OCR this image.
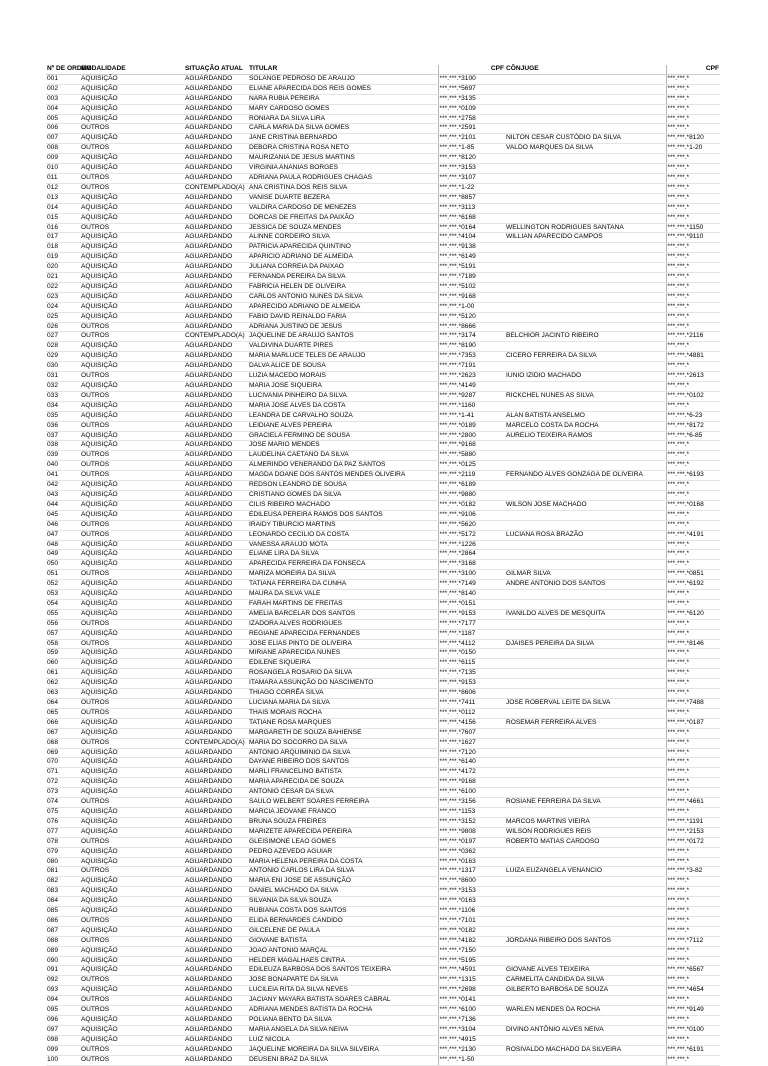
Nº DE ORDEM	MODALIDADE	SITUAÇÃO ATUAL	TITULAR	CPF	CÔNJUGE	CPF
001	AQUISIÇÃO	AGUARDANDO	SOLANGE PEDROSO DE ARAUJO	***.***.*3100		***.***.*
002	AQUISIÇÃO	AGUARDANDO	ELIANE APARECIDA DOS REIS GOMES	***.***.*5697		***.***.*
003	AQUISIÇÃO	AGUARDANDO	NARA RUBIA PEREIRA	***.***.*3135		***.***.*
004	AQUISIÇÃO	AGUARDANDO	MARY CARDOSO GOMES	***.***.*0109		***.***.*
005	AQUISIÇÃO	AGUARDANDO	RONIARA DA SILVA LIRA	***.***.*2758		***.***.*
006	OUTROS	AGUARDANDO	CARLA MARIA DA SILVA GOMES	***.***.*2591		***.***.*
007	AQUISIÇÃO	AGUARDANDO	JANE CRISTINA BERNARDO	***.***.*2101	NILTON CESAR CUSTÓDIO DA SILVA	***.***.*8120
008	OUTROS	AGUARDANDO	DEBORA CRISTINA ROSA NETO	***.***.*1-85	VALDO MARQUES DA SILVA	***.***.*1-20
009	AQUISIÇÃO	AGUARDANDO	MAURIZANIA DE JESUS MARTINS	***.***.*8120		***.***.*
010	AQUISIÇÃO	AGUARDANDO	VIRGINIA ANANIAS BORGES	***.***.*3153		***.***.*
011	OUTROS	AGUARDANDO	ADRIANA PAULA RODRIGUES CHAGAS	***.***.*3107		***.***.*
012	OUTROS	CONTEMPLADO(A)	ANA CRISTINA DOS REIS SILVA	***.***.*1-22		***.***.*
013	AQUISIÇÃO	AGUARDANDO	VANISE DUARTE BEZERA	***.***.*8857		***.***.*
014	AQUISIÇÃO	AGUARDANDO	VALDIRA CARDOSO DE MENEZES	***.***.*3113		***.***.*
015	AQUISIÇÃO	AGUARDANDO	DORCAS DE FREITAS DA PAIXÃO	***.***.*6168		***.***.*
016	OUTROS	AGUARDANDO	JESSICA DE SOUZA MENDES	***.***.*0164	WELLINGTON RODRIGUES SANTANA	***.***.*1150
017	AQUISIÇÃO	AGUARDANDO	ALINNE CORDEIRO SILVA	***.***.*4104	WILLIAN APARECIDO CAMPOS	***.***.*9110
018	AQUISIÇÃO	AGUARDANDO	PATRICIA APARECIDA QUINTINO	***.***.*9138		***.***.*
019	AQUISIÇÃO	AGUARDANDO	APARICIO ADRIANO DE ALMEIDA	***.***.*6149		***.***.*
020	AQUISIÇÃO	AGUARDANDO	JULIANA CORREIA DA PAIXAO	***.***.*5191		***.***.*
021	AQUISIÇÃO	AGUARDANDO	FERNANDA PEREIRA DA SILVA	***.***.*7189		***.***.*
022	AQUISIÇÃO	AGUARDANDO	FABRICIA HELEN DE OLIVEIRA	***.***.*5102		***.***.*
023	AQUISIÇÃO	AGUARDANDO	CARLOS ANTONIO NUNES DA SILVA	***.***.*9168		***.***.*
024	AQUISIÇÃO	AGUARDANDO	APARECIDO ADRIANO DE ALMEIDA	***.***.*1-00		***.***.*
025	AQUISIÇÃO	AGUARDANDO	FABIO DAVID REINALDO FARIA	***.***.*5120		***.***.*
026	OUTROS	AGUARDANDO	ADRIANA JUSTINO DE JESUS	***.***.*8666		***.***.*
027	OUTROS	CONTEMPLADO(A)	JAQUELINE DE ARAUJO SANTOS	***.***.*3174	BELCHIOR JACINTO RIBEIRO	***.***.*2116
028	AQUISIÇÃO	AGUARDANDO	VALDIVINA DUARTE PIRES	***.***.*8190		***.***.*
029	AQUISIÇÃO	AGUARDANDO	MARIA MARLUCE TELES DE ARAUJO	***.***.*7353	CICERO FERREIRA DA SILVA	***.***.*4881
030	AQUISIÇÃO	AGUARDANDO	DALVA ALICE DE SOUSA	***.***.*7191		***.***.*
031	OUTROS	AGUARDANDO	LUZIA MACEDO MORAIS	***.***.*2623	IUNIO IZIDIO MACHADO	***.***.*2613
032	AQUISIÇÃO	AGUARDANDO	MARIA JOSE SIQUEIRA	***.***.*4149		***.***.*
033	OUTROS	AGUARDANDO	LUCIVANIA PINHEIRO DA SILVA	***.***.*9287	RICKCHEL NUNES AS SILVA	***.***.*0102
034	AQUISIÇÃO	AGUARDANDO	MARIA JOSE ALVES DA COSTA	***.***.*1160		***.***.*
035	AQUISIÇÃO	AGUARDANDO	LEANDRA DE CARVALHO SOUZA	***.***.*1-41	ALAN BATISTA ANSELMO	***.***.*6-23
036	OUTROS	AGUARDANDO	LEIDIANE ALVES PEREIRA	***.***.*0189	MARCELO COSTA DA ROCHA	***.***.*8172
037	AQUISIÇÃO	AGUARDANDO	GRACIELA FERMINO DE SOUSA	***.***.*2800	AURELIO TEIXEIRA RAMOS	***.***.*6-85
038	AQUISIÇÃO	AGUARDANDO	JOSE MARIO MENDES	***.***.*9168		***.***.*
039	OUTROS	AGUARDANDO	LAUDELINA CAETANO DA SILVA	***.***.*5880		***.***.*
040	OUTROS	AGUARDANDO	ALMERINDO VENERANDO DA PAZ SANTOS	***.***.*0125		***.***.*
041	OUTROS	AGUARDANDO	MAGDA DOANE DOS SANTOS MENDES OLIVEIRA	***.***.*2119	FERNANDO ALVES GONZAGA DE OLIVEIRA	***.***.*6193
042	AQUISIÇÃO	AGUARDANDO	REDSON LEANDRO DE SOUSA	***.***.*6189		***.***.*
043	AQUISIÇÃO	AGUARDANDO	CRISTIANO GOMES DA SILVA	***.***.*9880		***.***.*
044	AQUISIÇÃO	AGUARDANDO	CILIS RIBEIRO MACHADO	***.***.*0182	WILSON JOSE MACHADO	***.***.*0168
045	AQUISIÇÃO	AGUARDANDO	EDILEUSA PEREIRA RAMOS DOS SANTOS	***.***.*9106		***.***.*
046	OUTROS	AGUARDANDO	IRAIDY TIBURCIO MARTINS	***.***.*5620		***.***.*
047	OUTROS	AGUARDANDO	LEONARDO CECILIO DA COSTA	***.***.*5172	LUCIANA ROSA BRAZÃO	***.***.*4191
048	AQUISIÇÃO	AGUARDANDO	VANESSA ARAUJO MOTA	***.***.*1226		***.***.*
049	AQUISIÇÃO	AGUARDANDO	ELIANE LIRA DA SILVA	***.***.*2864		***.***.*
050	AQUISIÇÃO	AGUARDANDO	APARECIDA FERREIRA DA FONSECA	***.***.*3168		***.***.*
051	OUTROS	AGUARDANDO	MARIZA MOREIRA DA SILVA	***.***.*3100	GILMAR SILVA	***.***.*0851
052	AQUISIÇÃO	AGUARDANDO	TATIANA FERREIRA DA CUNHA	***.***.*7149	ANDRE ANTONIO DOS SANTOS	***.***.*6192
053	AQUISIÇÃO	AGUARDANDO	MAURA DA SILVA VALE	***.***.*8140		***.***.*
054	AQUISIÇÃO	AGUARDANDO	FARAH MARTINS DE FREITAS	***.***.*0151		***.***.*
055	AQUISIÇÃO	AGUARDANDO	AMELIA BARCELAR DOS SANTOS	***.***.*9153	IVANILDO ALVES DE MESQUITA	***.***.*6120
056	OUTROS	AGUARDANDO	IZADORA ALVES RODRIGUES	***.***.*7177		***.***.*
057	AQUISIÇÃO	AGUARDANDO	REGIANE APARECIDA FERNANDES	***.***.*1187		***.***.*
058	OUTROS	AGUARDANDO	JOSE ELIAS PINTO DE OLIVEIRA	***.***.*4112	DJAISES PEREIRA DA SILVA	***.***.*8146
059	AQUISIÇÃO	AGUARDANDO	MIRIANE APARECIDA NUNES	***.***.*0150		***.***.*
060	AQUISIÇÃO	AGUARDANDO	EDILENE SIQUEIRA	***.***.*6115		***.***.*
061	AQUISIÇÃO	AGUARDANDO	ROSANGELA ROSARIO DA SILVA	***.***.*7135		***.***.*
062	AQUISIÇÃO	AGUARDANDO	ITAMARA ASSUNÇÃO DO NASCIMENTO	***.***.*9153		***.***.*
063	AQUISIÇÃO	AGUARDANDO	THIAGO CORRÊA SILVA	***.***.*8606		***.***.*
064	OUTROS	AGUARDANDO	LUCIANA MARIA DA SILVA	***.***.*7411	JOSE ROBERVAL LEITE DA SILVA	***.***.*7488
065	OUTROS	AGUARDANDO	THAIS MORAIS ROCHA	***.***.*0112		***.***.*
066	AQUISIÇÃO	AGUARDANDO	TATIANE ROSA MARQUES	***.***.*4156	ROSEMAR FERREIRA ALVES	***.***.*0187
067	AQUISIÇÃO	AGUARDANDO	MARGARETH DE SOUZA BAHIENSE	***.***.*7607		***.***.*
068	OUTROS	CONTEMPLADO(A)	MARIA DO SOCORRO DA SILVA	***.***.*1627		***.***.*
069	AQUISIÇÃO	AGUARDANDO	ANTONIO ARQUIMINIO DA SILVA	***.***.*7120		***.***.*
070	AQUISIÇÃO	AGUARDANDO	DAYANE RIBEIRO DOS SANTOS	***.***.*6140		***.***.*
071	AQUISIÇÃO	AGUARDANDO	MARLI FRANCELINO BATISTA	***.***.*4172		***.***.*
072	AQUISIÇÃO	AGUARDANDO	MARIA APARECIDA DE SOUZA	***.***.*9168		***.***.*
073	AQUISIÇÃO	AGUARDANDO	ANTONIO CESAR DA SILVA	***.***.*6100		***.***.*
074	OUTROS	AGUARDANDO	SAULO WELBERT SOARES FERREIRA	***.***.*3156	ROSIANE FERREIRA DA SILVA	***.***.*4661
075	AQUISIÇÃO	AGUARDANDO	MARCIA JEOVANE FRANCO	***.***.*1153		***.***.*
076	AQUISIÇÃO	AGUARDANDO	BRUNA SOUZA FREIRES	***.***.*3152	MARCOS MARTINS VIEIRA	***.***.*1191
077	AQUISIÇÃO	AGUARDANDO	MARIZETE APARECIDA PEREIRA	***.***.*9808	WILSON RODRIGUES REIS	***.***.*2153
078	OUTROS	AGUARDANDO	GLEISIMONE LEAO GOMES	***.***.*0197	ROBERTO MATIAS CARDOSO	***.***.*0172
079	AQUISIÇÃO	AGUARDANDO	PEDRO AZEVEDO AGUIAR	***.***.*0362		***.***.*
080	AQUISIÇÃO	AGUARDANDO	MARIA HELENA PEREIRA DA COSTA	***.***.*0163		***.***.*
081	OUTROS	AGUARDANDO	ANTONIO CARLOS LIRA DA SILVA	***.***.*1317	LUIZA EUZANGELA VENANCIO	***.***.*3-82
082	AQUISIÇÃO	AGUARDANDO	MARIA ENI JOSE DE ASSUNÇÃO	***.***.*8600		***.***.*
083	AQUISIÇÃO	AGUARDANDO	DANIEL MACHADO DA SILVA	***.***.*3153		***.***.*
084	AQUISIÇÃO	AGUARDANDO	SILVANIA DA SILVA SOUZA	***.***.*0163		***.***.*
085	AQUISIÇÃO	AGUARDANDO	RUBIANA COSTA DOS SANTOS	***.***.*1106		***.***.*
086	OUTROS	AGUARDANDO	ELIDA BERNARDES CANDIDO	***.***.*7101		***.***.*
087	AQUISIÇÃO	AGUARDANDO	GILCELENE DE PAULA	***.***.*0182		***.***.*
088	OUTROS	AGUARDANDO	GIOVANE BATISTA	***.***.*4182	JORDANA RIBEIRO DOS SANTOS	***.***.*7112
089	AQUISIÇÃO	AGUARDANDO	JOAO ANTONIO MARÇAL	***.***.*7150		***.***.*
090	AQUISIÇÃO	AGUARDANDO	HELDER MAGALHAES CINTRA	***.***.*5195		***.***.*
091	AQUISIÇÃO	AGUARDANDO	EDILEUZA BARBOSA DOS SANTOS TEIXEIRA	***.***.*4591	GIOVANE ALVES TEIXEIRA	***.***.*6567
092	OUTROS	AGUARDANDO	JOSE BONAPARTE DA SILVA	***.***.*1315	CARMELITA CANDIDA DA SILVA	***.***.*
093	AQUISIÇÃO	AGUARDANDO	LUCILEIA RITA DA SILVA NEVES	***.***.*2698	GILBERTO BARBOSA DE SOUZA	***.***.*4654
094	OUTROS	AGUARDANDO	JACIANY MAYARA BATISTA SOARES CABRAL	***.***.*0141		***.***.*
095	OUTROS	AGUARDANDO	ADRIANA MENDES BATISTA DA ROCHA	***.***.*6100	WARLEN MENDES DA ROCHA	***.***.*9149
096	AQUISIÇÃO	AGUARDANDO	POLIANA BENTO DA SILVA	***.***.*7136		***.***.*
097	AQUISIÇÃO	AGUARDANDO	MARIA ANGELA DA SILVA NEIVA	***.***.*3104	DIVINO ANTÔNIO ALVES NEIVA	***.***.*0100
098	AQUISIÇÃO	AGUARDANDO	LUIZ NICOLA	***.***.*4915		***.***.*
099	OUTROS	AGUARDANDO	JAQUELINE MOREIRA DA SILVA SILVEIRA	***.***.*2130	ROSIVALDO MACHADO DA SILVEIRA	***.***.*6191
100	OUTROS	AGUARDANDO	DEUSENI BRAZ DA SILVA	***.***.*1-50		***.***.*
